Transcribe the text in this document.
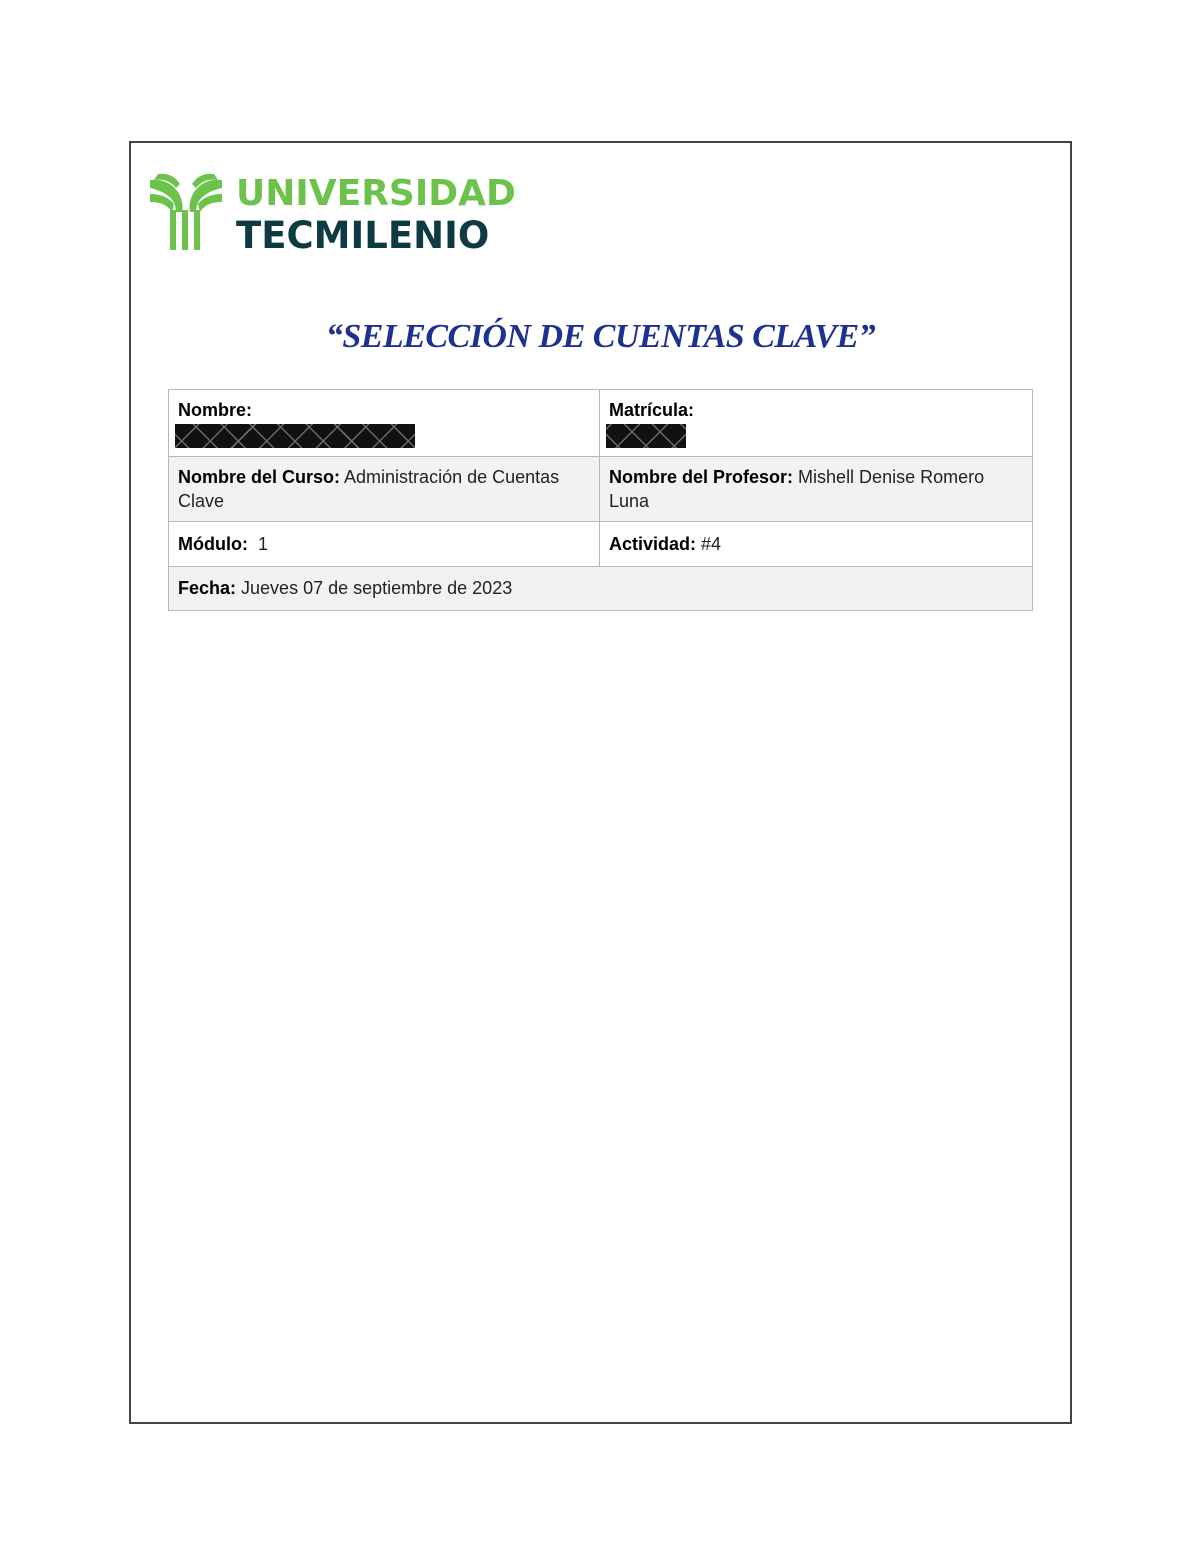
UNIVERSIDAD
TECMILENIO
“SELECCIÓN DE CUENTAS CLAVE”
Nombre:	Matrícula:

Nombre del Curso: Administración de Cuentas Clave	Nombre del Profesor: Mishell Denise Romero Luna
Módulo:  1	Actividad: #4
Fecha: Jueves 07 de septiembre de 2023	
